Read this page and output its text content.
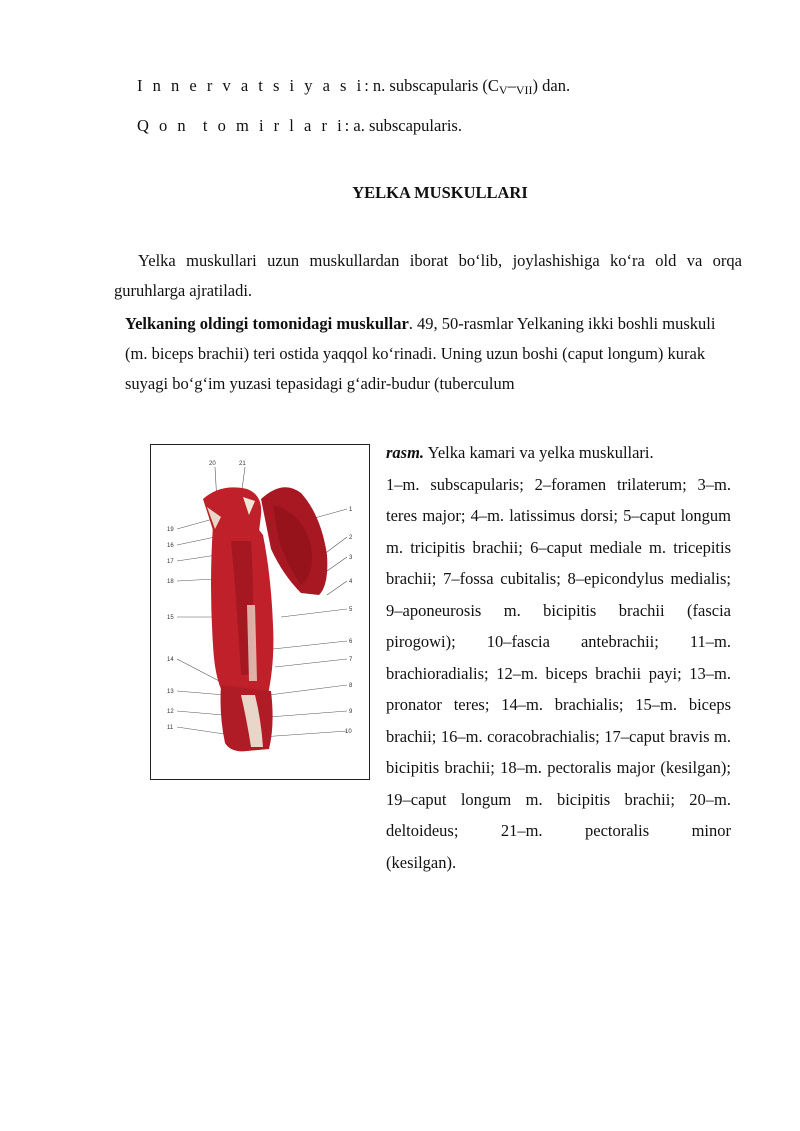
I n n e r v a t s i y a s i: n. subscapularis $(C_V-_{VII})$ dan.
Q o n  t o m i r l a r i: a. subscapularis.
YELKA MUSKULLARI
Yelka muskullari uzun muskullardan iborat bo‘lib, joylashishiga ko‘ra old va orqa guruhlarga ajratiladi.
Yelkaning oldingi tomonidagi muskullar. 49, 50-rasmlar Yelkaning ikki boshli muskuli (m. biceps brachii) teri ostida yaqqol ko‘rinadi. Uning uzun boshi (caput longum) kurak suyagi bo‘g‘im yuzasi tepasidagi g‘adir-budur (tuberculum
19
16
17
18
15
14
13
12
11
20	21
1
2
3
4
5
6
7
8
9
10
rasm. Yelka kamari va yelka muskullari.
1–m. subscapularis; 2–foramen trilaterum; 3–m. teres major; 4–m. latissimus dorsi; 5–caput longum m. tricipitis brachii; 6–caput mediale m. tricepitis brachii; 7–fossa cubitalis; 8–epicondylus medialis; 9–aponeurosis m. bicipitis brachii (fascia pirogowi); 10–fascia antebrachii; 11–m. brachioradialis; 12–m. biceps brachii payi; 13–m. pronator teres; 14–m. brachialis; 15–m. biceps brachii; 16–m. coracobrachialis; 17–caput bravis m. bicipitis brachii; 18–m. pectoralis major (kesilgan); 19–caput longum m. bicipitis brachii; 20–m. deltoideus; 21–m. pectoralis minor
(kesilgan).
